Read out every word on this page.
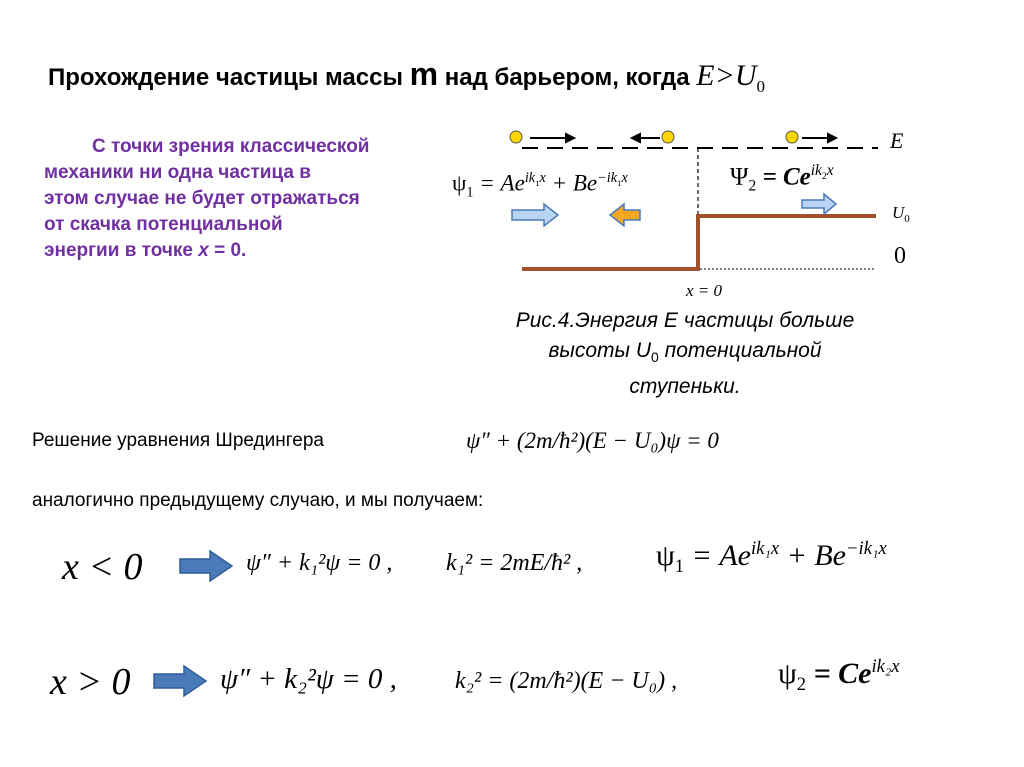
Прохождение частицы массы m над барьером, когда $E>U_0$
С точки зрения классической
механики ни одна частица в
этом случае не будет отражаться
от скачка потенциальной
энергии в точке x = 0.
E
$U_0$
0
x = 0
$\psi_1 = Ae^{ik_1x} + Be^{-ik_1x}$	$\Psi_2 = Ce^{ik_2x}$
Рис.4.Энергия Е частицы больше
высоты $U_0$ потенциальной
ступеньки.
Решение уравнения Шредингера	ψ″ + (2m/ħ²)(E − U₀)ψ = 0
аналогично предыдущему случаю, и мы получаем:
x < 0	ψ″ + k₁²ψ = 0 , k₁² = 2mE/ħ² , $\psi_1 = Ae^{ik_1x} + Be^{-ik_1x}$
x > 0	ψ″ + k₂²ψ = 0 , k₂² = (2m/ħ²)(E − U₀) ,	$\psi_2 = Ce^{ik_2x}$
